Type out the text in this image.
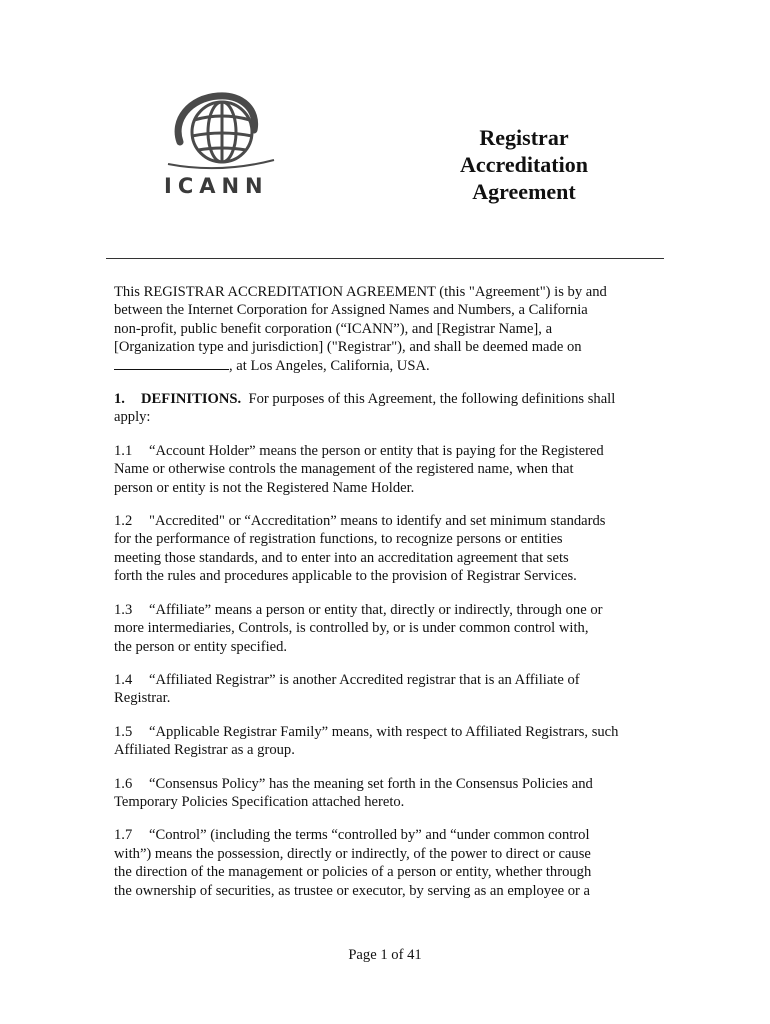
ICANN
Registrar
Accreditation
Agreement
This REGISTRAR ACCREDITATION AGREEMENT (this "Agreement") is by and
between the Internet Corporation for Assigned Names and Numbers, a California
non-profit, public benefit corporation (“ICANN”), and [Registrar Name], a
[Organization type and jurisdiction] ("Registrar"), and shall be deemed made on
, at Los Angeles, California, USA.
1. DEFINITIONS.  For purposes of this Agreement, the following definitions shall
apply:
1.1 “Account Holder” means the person or entity that is paying for the Registered
Name or otherwise controls the management of the registered name, when that
person or entity is not the Registered Name Holder.
1.2 "Accredited" or “Accreditation” means to identify and set minimum standards
for the performance of registration functions, to recognize persons or entities
meeting those standards, and to enter into an accreditation agreement that sets
forth the rules and procedures applicable to the provision of Registrar Services.
1.3 “Affiliate” means a person or entity that, directly or indirectly, through one or
more intermediaries, Controls, is controlled by, or is under common control with,
the person or entity specified.
1.4 “Affiliated Registrar” is another Accredited registrar that is an Affiliate of
Registrar.
1.5 “Applicable Registrar Family” means, with respect to Affiliated Registrars, such
Affiliated Registrar as a group.
1.6 “Consensus Policy” has the meaning set forth in the Consensus Policies and
Temporary Policies Specification attached hereto.
1.7 “Control” (including the terms “controlled by” and “under common control
with”) means the possession, directly or indirectly, of the power to direct or cause
the direction of the management or policies of a person or entity, whether through
the ownership of securities, as trustee or executor, by serving as an employee or a
Page 1 of 41
